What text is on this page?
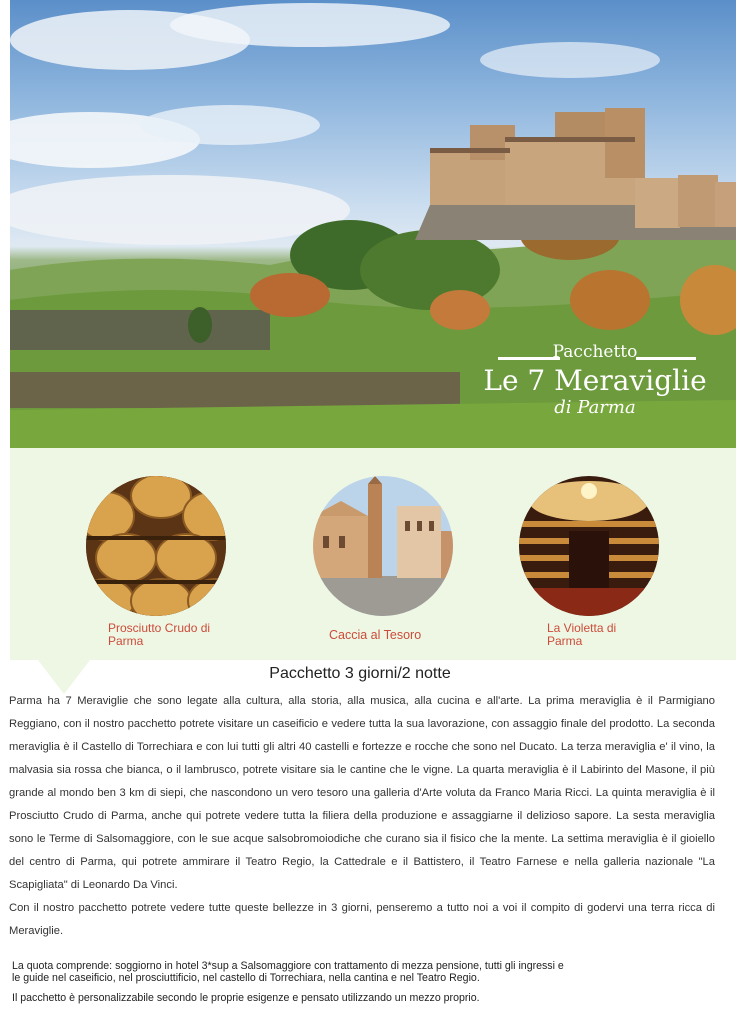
Pacchetto
Le 7 Meraviglie
di Parma
Prosciutto Crudo di Parma	Caccia al Tesoro	La Violetta di Parma
Pacchetto 3 giorni/2 notte

Parma ha 7 Meraviglie che sono legate alla cultura, alla storia, alla musica, alla cucina e all'arte. La prima meraviglia è il Parmigiano Reggiano, con il nostro pacchetto potrete visitare un caseificio e vedere tutta la sua lavorazione, con assaggio finale del prodotto. La seconda meraviglia è il Castello di Torrechiara e con lui tutti gli altri 40 castelli e fortezze e rocche che sono nel Ducato. La terza meraviglia e' il vino, la malvasia sia rossa che bianca, o il lambrusco, potrete visitare sia le cantine che le vigne. La quarta meraviglia è il Labirinto del Masone, il più grande al mondo ben 3 km di siepi, che nascondono un vero tesoro una galleria d'Arte voluta da Franco Maria Ricci. La quinta meraviglia è il Prosciutto Crudo di Parma, anche qui potrete vedere tutta la filiera della produzione e assaggiarne il delizioso sapore. La sesta meraviglia sono le Terme di Salsomaggiore, con le sue acque salsobromoiodiche che curano sia il fisico che la mente. La settima meraviglia è il gioiello del centro di Parma, qui potrete ammirare il Teatro Regio, la Cattedrale e il Battistero, il Teatro Farnese e nella galleria nazionale "La Scapigliata" di Leonardo Da Vinci.

Con il nostro pacchetto potrete vedere tutte queste bellezze in 3 giorni, penseremo a tutto noi a voi il compito di godervi una terra ricca di Meraviglie.

La quota comprende: soggiorno in hotel 3*sup a Salsomaggiore con trattamento di mezza pensione, tutti gli ingressi e le guide nel caseificio, nel prosciuttificio, nel castello di Torrechiara, nella cantina e nel Teatro Regio.
Il pacchetto è personalizzabile secondo le proprie esigenze e pensato utilizzando un mezzo proprio.
